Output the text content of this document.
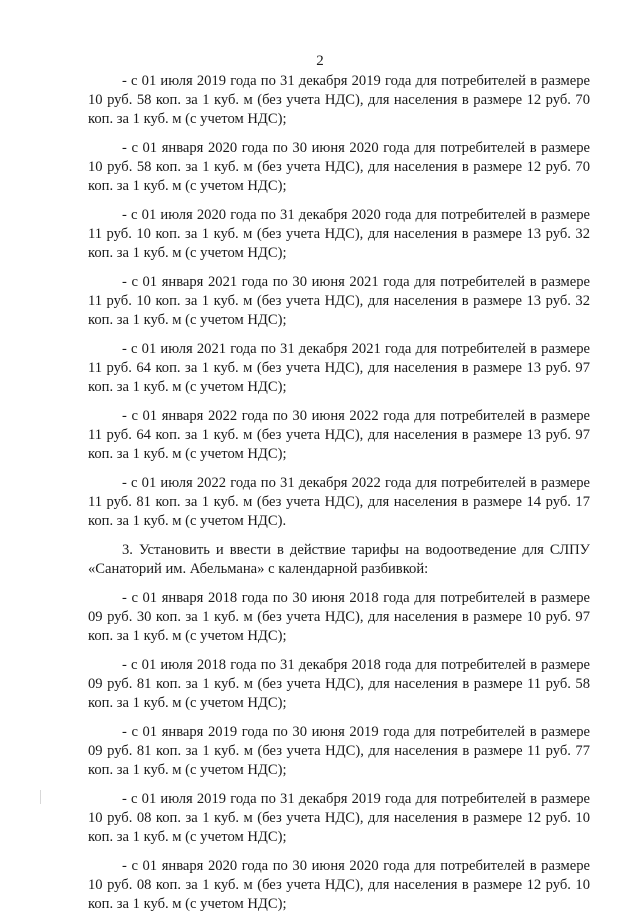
2

- с 01 июля 2019 года по 31 декабря 2019 года для потребителей в размере 10 руб. 58 коп. за 1 куб. м (без учета НДС), для населения в размере 12 руб. 70 коп. за 1 куб. м (с учетом НДС);

- с 01 января 2020 года по 30 июня 2020 года для потребителей в размере 10 руб. 58 коп. за 1 куб. м (без учета НДС), для населения в размере 12 руб. 70 коп. за 1 куб. м (с учетом НДС);

- с 01 июля 2020 года по 31 декабря 2020 года для потребителей в размере 11 руб. 10 коп. за 1 куб. м (без учета НДС), для населения в размере 13 руб. 32 коп. за 1 куб. м (с учетом НДС);

- с 01 января 2021 года по 30 июня 2021 года для потребителей в размере 11 руб. 10 коп. за 1 куб. м (без учета НДС), для населения в размере 13 руб. 32 коп. за 1 куб. м (с учетом НДС);

- с 01 июля 2021 года по 31 декабря 2021 года для потребителей в размере 11 руб. 64 коп. за 1 куб. м (без учета НДС), для населения в размере 13 руб. 97 коп. за 1 куб. м (с учетом НДС);

- с 01 января 2022 года по 30 июня 2022 года для потребителей в размере 11 руб. 64 коп. за 1 куб. м (без учета НДС), для населения в размере 13 руб. 97 коп. за 1 куб. м (с учетом НДС);

- с 01 июля 2022 года по 31 декабря 2022 года для потребителей в размере 11 руб. 81 коп. за 1 куб. м (без учета НДС), для населения в размере 14 руб. 17 коп. за 1 куб. м (с учетом НДС).

3. Установить и ввести в действие тарифы на водоотведение для СЛПУ «Санаторий им. Абельмана» с календарной разбивкой:

- с 01 января 2018 года по 30 июня 2018 года для потребителей в размере 09 руб. 30 коп. за 1 куб. м (без учета НДС), для населения в размере 10 руб. 97 коп. за 1 куб. м (с учетом НДС);

- с 01 июля 2018 года по 31 декабря 2018 года для потребителей в размере 09 руб. 81 коп. за 1 куб. м (без учета НДС), для населения в размере 11 руб. 58 коп. за 1 куб. м (с учетом НДС);

- с 01 января 2019 года по 30 июня 2019 года для потребителей в размере 09 руб. 81 коп. за 1 куб. м (без учета НДС), для населения в размере 11 руб. 77 коп. за 1 куб. м (с учетом НДС);

- с 01 июля 2019 года по 31 декабря 2019 года для потребителей в размере 10 руб. 08 коп. за 1 куб. м (без учета НДС), для населения в размере 12 руб. 10 коп. за 1 куб. м (с учетом НДС);

- с 01 января 2020 года по 30 июня 2020 года для потребителей в размере 10 руб. 08 коп. за 1 куб. м (без учета НДС), для населения в размере 12 руб. 10 коп. за 1 куб. м (с учетом НДС);
